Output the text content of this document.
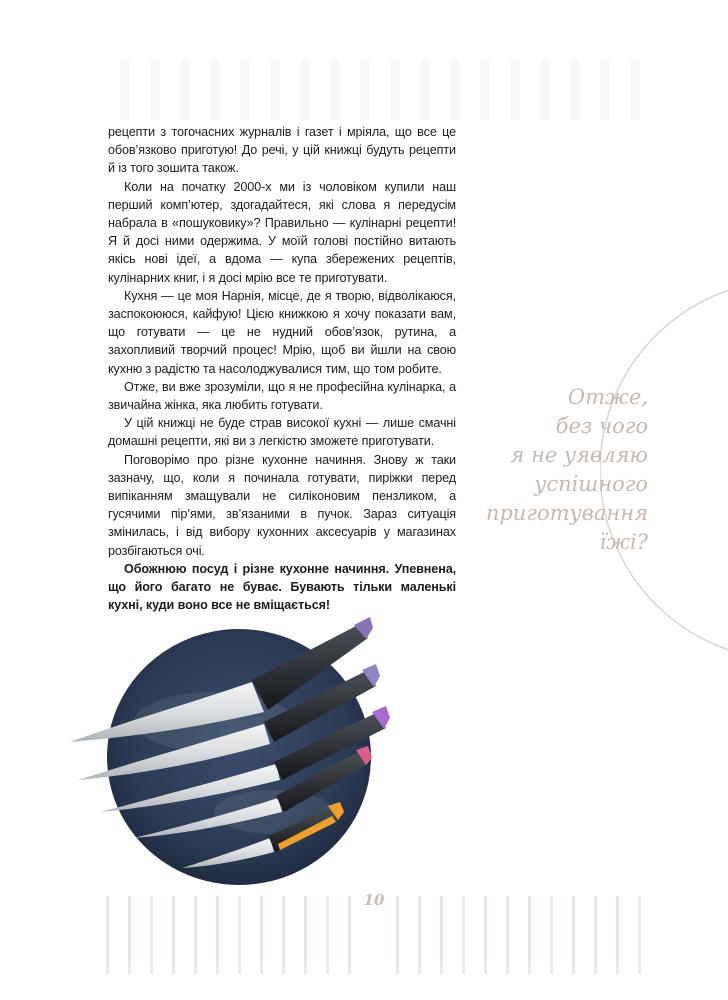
рецепти з тогочасних журналів і газет і мріяла, що все це обов’язково приготую! До речі, у цій книжці будуть рецепти й із того зошита також.

Коли на початку 2000-х ми із чоловіком купили наш перший комп’ютер, здогадайтеся, які слова я передусім набрала в «пошуковику»? Правильно — кулінарні рецепти! Я й досі ними одержима. У моїй голові постійно витають якісь нові ідеї, а вдома — купа збережених рецептів, кулінарних книг, і я досі мрію все те приготувати.

Кухня — це моя Нарнія, місце, де я творю, відволікаюся, заспокоююся, кайфую! Цією книжкою я хочу показати вам, що готувати — це не нудний обов’язок, рутина, а захопливий творчий процес! Мрію, щоб ви йшли на свою кухню з радістю та насолоджувалися тим, що том робите.

Отже, ви вже зрозуміли, що я не професійна кулінарка, а звичайна жінка, яка любить готувати.

У цій книжці не буде страв високої кухні — лише смачні домашні рецепти, які ви з легкістю зможете приготувати.

Поговорімо про різне кухонне начиння. Знову ж таки зазначу, що, коли я починала готувати, пиріжки перед випіканням змащували не силіконовим пензликом, а гусячими пір’ями, зв’язаними в пучок. Зараз ситуація змінилась, і від вибору кухонних аксесуарів у магазинах розбігаються очі.

Обожнюю посуд і різне кухонне начиння. Упевнена, що його багато не буває. Бувають тільки маленькі кухні, куди воно все не вміщається!

Отже,
без чого
я не уявляю
успішного
приготування
їжі?
10
